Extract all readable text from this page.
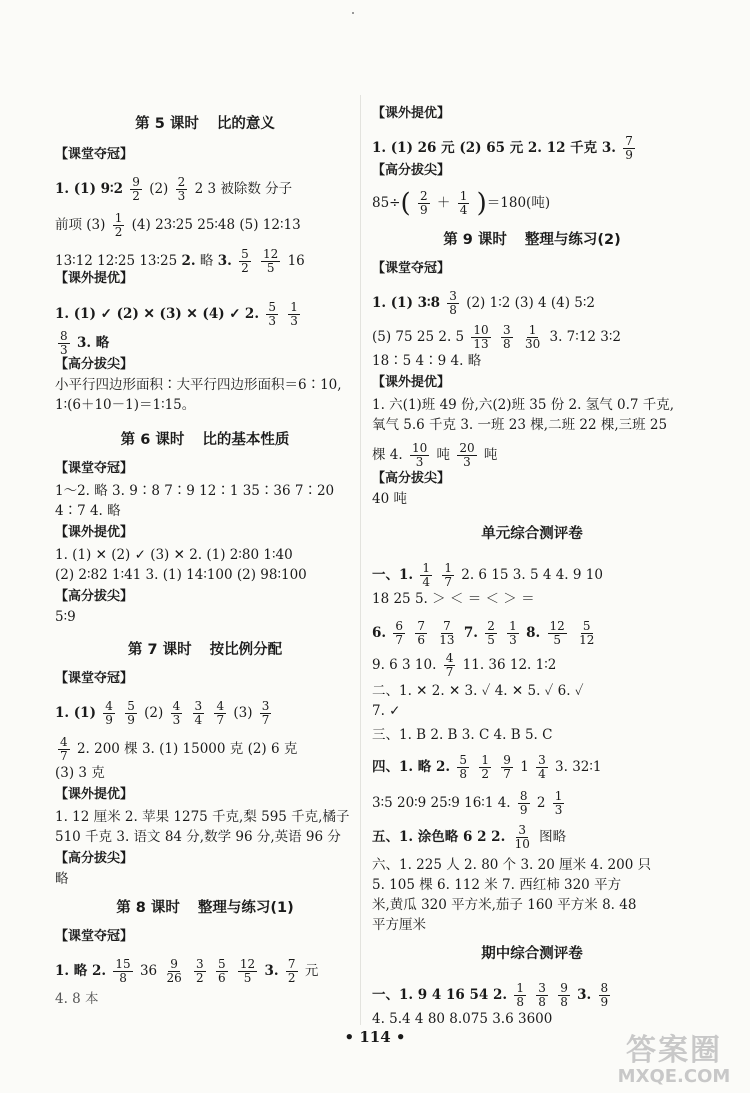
第 5 课时 比的意义
【课堂夺冠】
1. (1) 9∶2 $\frac{9}{2} (2) \frac{2}{3} 2$ 3 被除数 分子
前项 $(3) \frac{1}{2} (4)$ 23∶25 25∶48 (5) 12∶13
13∶12 12∶25 13∶25 2. 略 3. $\frac{5}{2}$
$\frac{12}{5} 16$
【课外提优】
1. (1) ✓ (2) ✕ (3) ✕ (4) ✓ 2. $\frac{5}{3}$
$\frac{1}{3}$
$\frac{8}{3} 3$. 略
【高分拔尖】
小平行四边形面积∶大平行四边形面积＝6∶10,
1∶(6＋10－1)＝1∶15。
第 6 课时 比的基本性质
【课堂夺冠】
1～2. 略 3. 9∶8 7∶9 12∶1 35∶36 7∶20
4∶7 4. 略
【课外提优】
1. (1) ✕ (2) ✓ (3) ✕ 2. (1) 2∶80 1∶40
(2) 2∶82 1∶41 3. (1) 14∶100 (2) 98∶100
【高分拔尖】
5∶9
第 7 课时 按比例分配
【课堂夺冠】
1. $(1) \frac{4}{9}$
$\frac{5}{9} (2) \frac{4}{3}$
$\frac{3}{4}$
$\frac{4}{7} (3) \frac{3}{7}$
$\frac{4}{7} 2$. 200 棵 3. (1) 15000 克 (2) 6 克
(3) 3 克
【课外提优】
1. 12 厘米 2. 苹果 1275 千克,梨 595 千克,橘子
510 千克 3. 语文 84 分,数学 96 分,英语 96 分
【高分拔尖】
略
第 8 课时 整理与练习(1)
【课堂夺冠】
1. 略 2. $\frac{15}{8} 36 \frac{9}{26}$
$\frac{3}{2}$
$\frac{5}{6}$
$\frac{12}{5} 3$. $\frac{7}{2}$ 元
4. 8 本
【课外提优】
1. (1) 26 元 (2) 65 元 2. 12 千克 3. $\frac{7}{9}$
【高分拔尖】
$85\div( \frac{2}{9} + \frac{1}{4} )=180$(吨)
第 9 课时 整理与练习(2)
【课堂夺冠】
1. (1) 3∶8 $\frac{3}{8} (2)$ 1∶2 (3) 4 (4) 5∶2
(5) 75 25 2. $5 \frac{10}{13}$
$\frac{3}{8}$
$\frac{1}{30} 3$. 7∶12 3∶2
18∶5 4∶9 4. 略
【课外提优】
1. 六(1)班 49 份,六(2)班 35 份 2. 氢气 0.7 千克,
氧气 5.6 千克 3. 一班 23 棵,二班 22 棵,三班 25
棵 4. $\frac{10}{3}$ 吨 $\frac{20}{3}$ 吨
【高分拔尖】
40 吨
单元综合测评卷
一、1. $\frac{1}{4}$
$\frac{1}{7} 2$. 6 15 3. 5 4 4. 9 10
18 25 5. ＞ ＜ ＝ ＜ ＞ ＝
6. $\frac{6}{7}$
$\frac{7}{6}$
$\frac{7}{13} 7$. $\frac{2}{5}$
$\frac{1}{3} 8$. $\frac{12}{5}$
$\frac{5}{12}$
9. 6 3 10. $\frac{4}{7} 11$. 36 12. 1∶2
二、1. ✕ 2. ✕ 3. ✓ 4. ✕ 5. ✓ 6. ✓
7. ✓
三、1. B 2. B 3. C 4. B 5. C
四、1. 略 2. $\frac{5}{8}$
$\frac{1}{2}$
$\frac{9}{7} 1 \frac{3}{4} 3$. 32∶1
3∶5 20∶9 25∶9 16∶1 4. $\frac{8}{9} 2 \frac{1}{3}$
五、1. 涂色略 6 2 2. $\frac{3}{10}$ 图略
六、1. 225 人 2. 80 个 3. 20 厘米 4. 200 只
5. 105 棵 6. 112 米 7. 西红柿 320 平方
米,黄瓜 320 平方米,茄子 160 平方米 8. 48
平方厘米
期中综合测评卷
一、1. 9 4 16 54 2. $\frac{1}{8}$
$\frac{3}{8}$
$\frac{9}{8} 3$. $\frac{8}{9}$
4. 5.4 4 80 8.075 3.6 3600
• 114 •	答案圈
MXQE.COM
